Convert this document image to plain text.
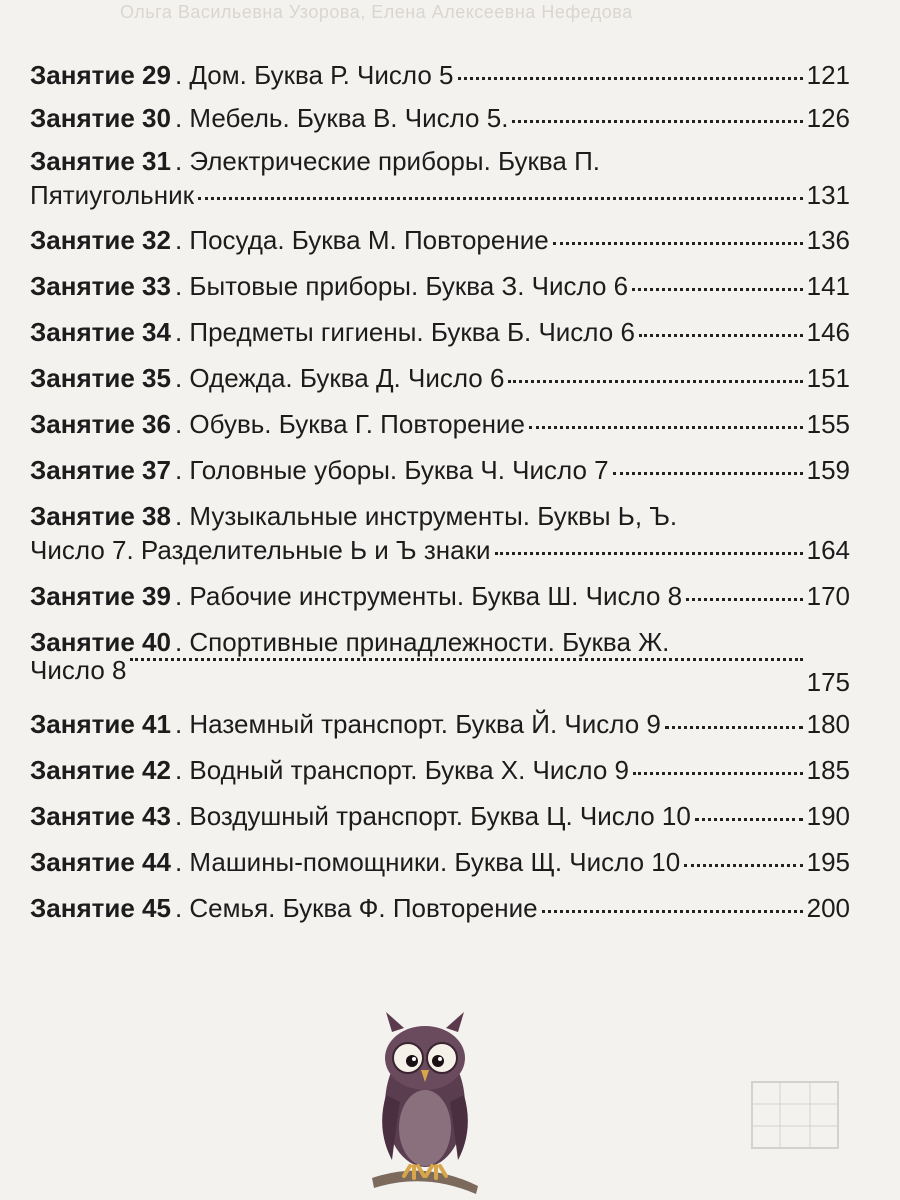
Ольга Васильевна Узорова, Елена Алексеевна Нефедова
Занятие 29 . Дом. Буква Р. Число 5	121
Занятие 30 . Мебель. Буква В. Число 5.	126
Занятие 31 . Электрические приборы. Буква П.
Пятиугольник	131
Занятие 32 . Посуда. Буква М. Повторение	136
Занятие 33 . Бытовые приборы. Буква З. Число 6	141
Занятие 34 . Предметы гигиены. Буква Б. Число 6	146
Занятие 35 . Одежда. Буква Д. Число 6	151
Занятие 36 . Обувь. Буква Г. Повторение	155
Занятие 37 . Головные уборы. Буква Ч. Число 7	159
Занятие 38 . Музыкальные инструменты. Буквы Ь, Ъ.
Число 7. Разделительные Ь и Ъ знаки	164
Занятие 39 . Рабочие инструменты. Буква Ш. Число 8	170
Занятие 40 . Спортивные принадлежности. Буква Ж.
Число 8	175
Занятие 41 . Наземный транспорт. Буква Й. Число 9	180
Занятие 42 . Водный транспорт. Буква Х. Число 9	185
Занятие 43 . Воздушный транспорт. Буква Ц. Число 10	190
Занятие 44 . Машины-помощники. Буква Щ. Число 10	195
Занятие 45 . Семья. Буква Ф. Повторение	200
